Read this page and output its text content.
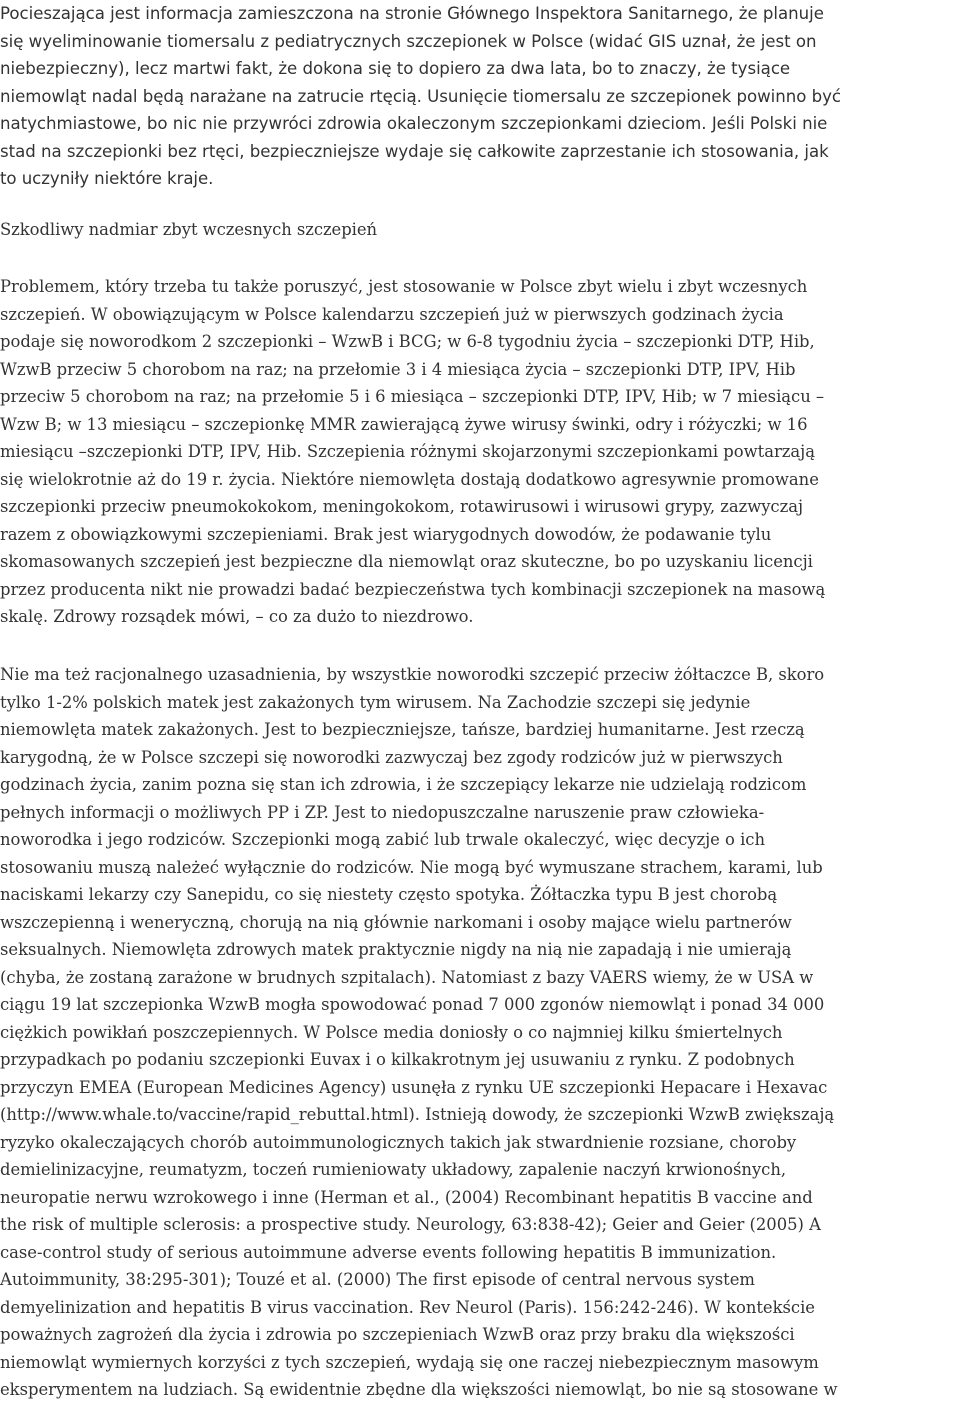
Pocieszająca jest informacja zamieszczona na stronie Głównego Inspektora Sanitarnego, że planuje
się wyeliminowanie tiomersalu z pediatrycznych szczepionek w Polsce (widać GIS uznał, że jest on
niebezpieczny), lecz martwi fakt, że dokona się to dopiero za dwa lata, bo to znaczy, że tysiące
niemowląt nadal będą narażane na zatrucie rtęcią. Usunięcie tiomersalu ze szczepionek powinno być
natychmiastowe, bo nic nie przywróci zdrowia okaleczonym szczepionkami dzieciom. Jeśli Polski nie
stad na szczepionki bez rtęci, bezpieczniejsze wydaje się całkowite zaprzestanie ich stosowania, jak
to uczyniły niektóre kraje.
Szkodliwy nadmiar zbyt wczesnych szczepień
Problemem, który trzeba tu także poruszyć, jest stosowanie w Polsce zbyt wielu i zbyt wczesnych
szczepień. W obowiązującym w Polsce kalendarzu szczepień już w pierwszych godzinach życia
podaje się noworodkom 2 szczepionki – WzwB i BCG; w 6-8 tygodniu życia – szczepionki DTP, Hib,
WzwB przeciw 5 chorobom na raz; na przełomie 3 i 4 miesiąca życia – szczepionki DTP, IPV, Hib
przeciw 5 chorobom na raz; na przełomie 5 i 6 miesiąca – szczepionki DTP, IPV, Hib; w 7 miesiącu –
Wzw B; w 13 miesiącu – szczepionkę MMR zawierającą żywe wirusy świnki, odry i różyczki; w 16
miesiącu –szczepionki DTP, IPV, Hib. Szczepienia różnymi skojarzonymi szczepionkami powtarzają
się wielokrotnie aż do 19 r. życia. Niektóre niemowlęta dostają dodatkowo agresywnie promowane
szczepionki przeciw pneumokokokom, meningokokom, rotawirusowi i wirusowi grypy, zazwyczaj
razem z obowiązkowymi szczepieniami. Brak jest wiarygodnych dowodów, że podawanie tylu
skomasowanych szczepień jest bezpieczne dla niemowląt oraz skuteczne, bo po uzyskaniu licencji
przez producenta nikt nie prowadzi badać bezpieczeństwa tych kombinacji szczepionek na masową
skalę. Zdrowy rozsądek mówi, – co za dużo to niezdrowo.
Nie ma też racjonalnego uzasadnienia, by wszystkie noworodki szczepić przeciw żółtaczce B, skoro
tylko 1-2% polskich matek jest zakażonych tym wirusem. Na Zachodzie szczepi się jedynie
niemowlęta matek zakażonych. Jest to bezpieczniejsze, tańsze, bardziej humanitarne. Jest rzeczą
karygodną, że w Polsce szczepi się noworodki zazwyczaj bez zgody rodziców już w pierwszych
godzinach życia, zanim pozna się stan ich zdrowia, i że szczepiący lekarze nie udzielają rodzicom
pełnych informacji o możliwych PP i ZP. Jest to niedopuszczalne naruszenie praw człowieka-
noworodka i jego rodziców. Szczepionki mogą zabić lub trwale okaleczyć, więc decyzje o ich
stosowaniu muszą należeć wyłącznie do rodziców. Nie mogą być wymuszane strachem, karami, lub
naciskami lekarzy czy Sanepidu, co się niestety często spotyka. Żółtaczka typu B jest chorobą
wszczepienną i weneryczną, chorują na nią głównie narkomani i osoby mające wielu partnerów
seksualnych. Niemowlęta zdrowych matek praktycznie nigdy na nią nie zapadają i nie umierają
(chyba, że zostaną zarażone w brudnych szpitalach). Natomiast z bazy VAERS wiemy, że w USA w
ciągu 19 lat szczepionka WzwB mogła spowodować ponad 7 000 zgonów niemowląt i ponad 34 000
ciężkich powikłań poszczepiennych. W Polsce media doniosły o co najmniej kilku śmiertelnych
przypadkach po podaniu szczepionki Euvax i o kilkakrotnym jej usuwaniu z rynku. Z podobnych
przyczyn EMEA (European Medicines Agency) usunęła z rynku UE szczepionki Hepacare i Hexavac
(http://www.whale.to/vaccine/rapid_rebuttal.html). Istnieją dowody, że szczepionki WzwB zwiększają
ryzyko okaleczających chorób autoimmunologicznych takich jak stwardnienie rozsiane, choroby
demielinizacyjne, reumatyzm, toczeń rumieniowaty układowy, zapalenie naczyń krwionośnych,
neuropatie nerwu wzrokowego i inne (Herman et al., (2004) Recombinant hepatitis B vaccine and
the risk of multiple sclerosis: a prospective study. Neurology, 63:838-42); Geier and Geier (2005) A
case-control study of serious autoimmune adverse events following hepatitis B immunization.
Autoimmunity, 38:295-301); Touzé et al. (2000) The first episode of central nervous system
demyelinization and hepatitis B virus vaccination. Rev Neurol (Paris). 156:242-246). W kontekście
poważnych zagrożeń dla życia i zdrowia po szczepieniach WzwB oraz przy braku dla większości
niemowląt wymiernych korzyści z tych szczepień, wydają się one raczej niebezpiecznym masowym
eksperymentem na ludziach. Są ewidentnie zbędne dla większości niemowląt, bo nie są stosowane w
